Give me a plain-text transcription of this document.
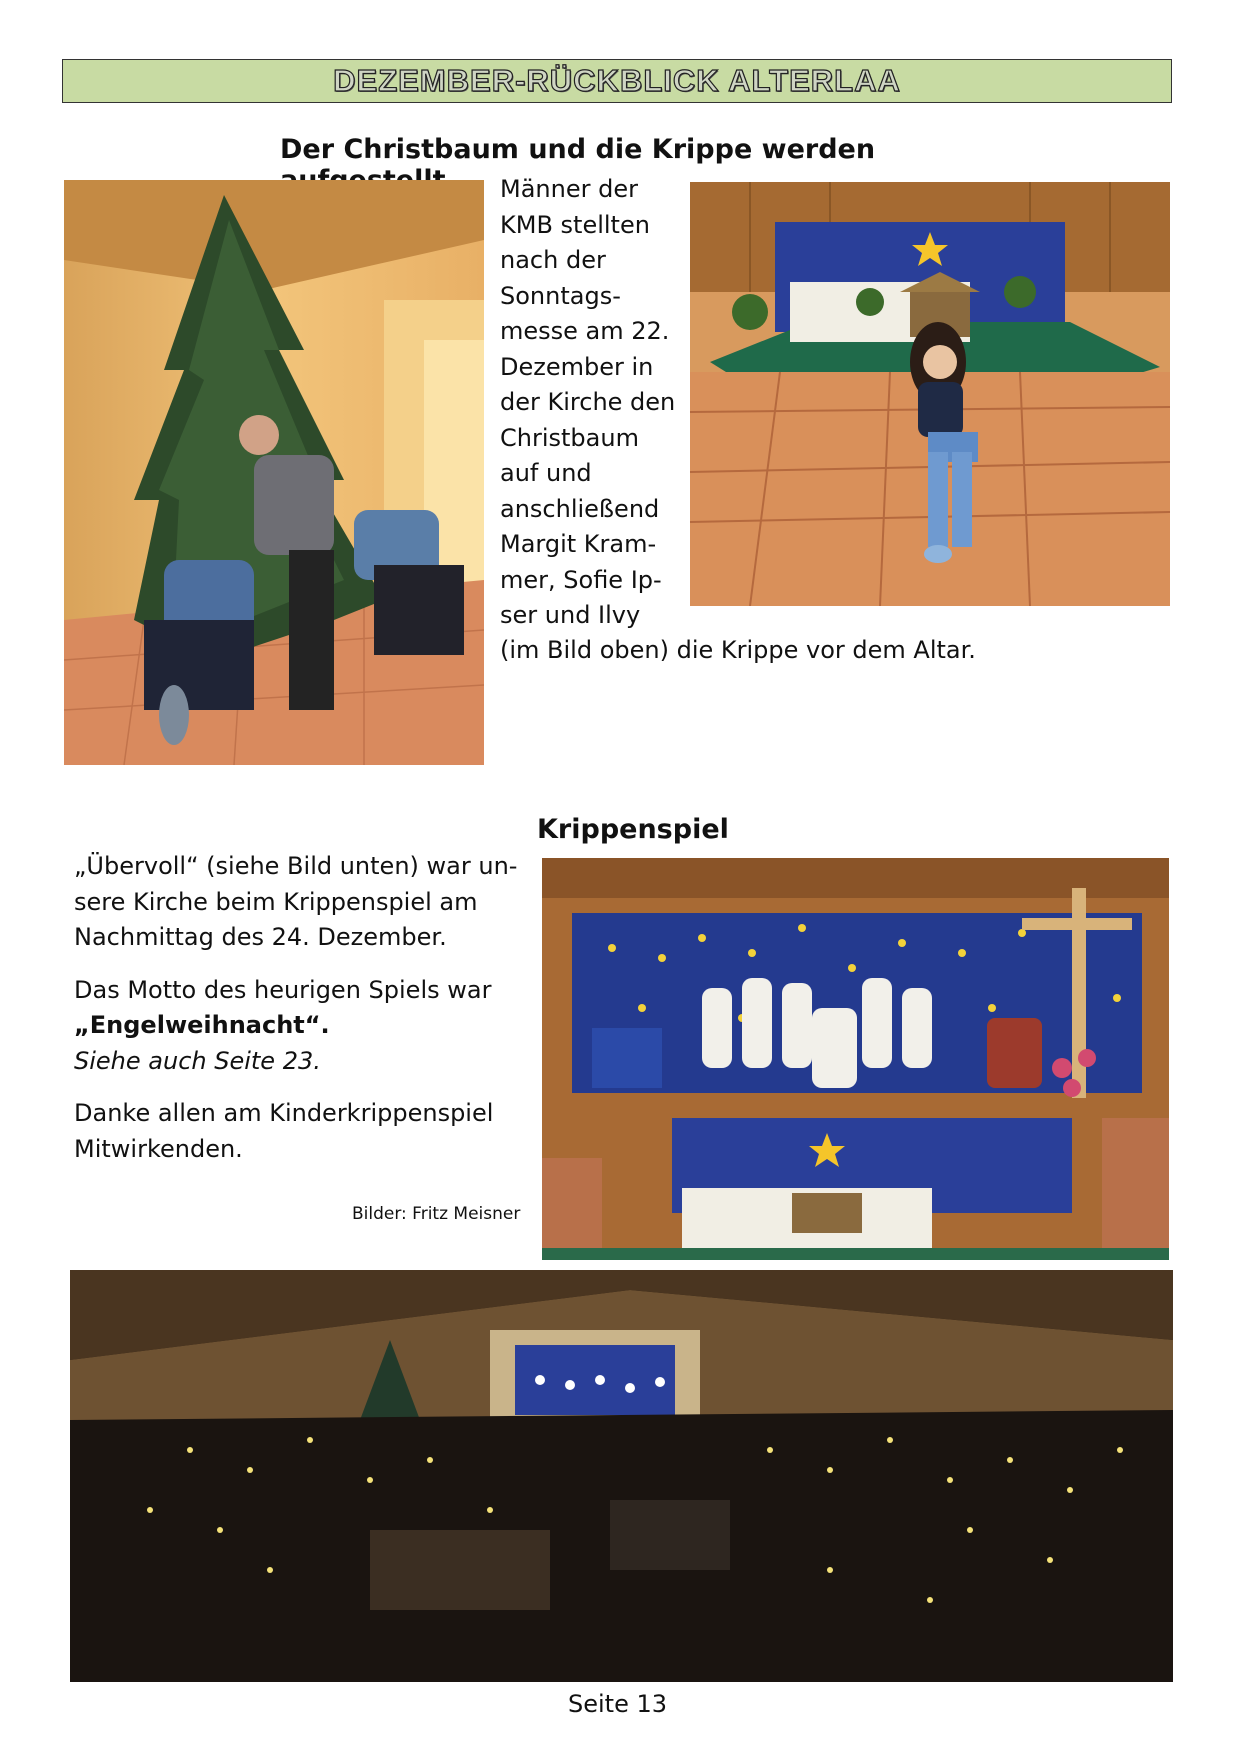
DEZEMBER-RÜCKBLICK ALTERLAA
Der Christbaum und die Krippe werden
Männer der
KMB stellten
nach der
Sonntags-
messe am 22.
Dezember in
der Kirche den
Christbaum
auf und
anschließend
Margit Kram-
mer, Sofie Ip-
ser und Ilvy
(im Bild oben) die Krippe vor dem Altar.
Krippenspiel
„Übervoll“ (siehe Bild unten) war un-
sere Kirche beim Krippenspiel am
Nachmittag des 24. Dezember.
Das Motto des heurigen Spiels war
„Engelweihnacht“.
Siehe auch Seite 23.
Danke allen am Kinderkrippenspiel
Mitwirkenden.
Bilder: Fritz Meisner
Seite 13
